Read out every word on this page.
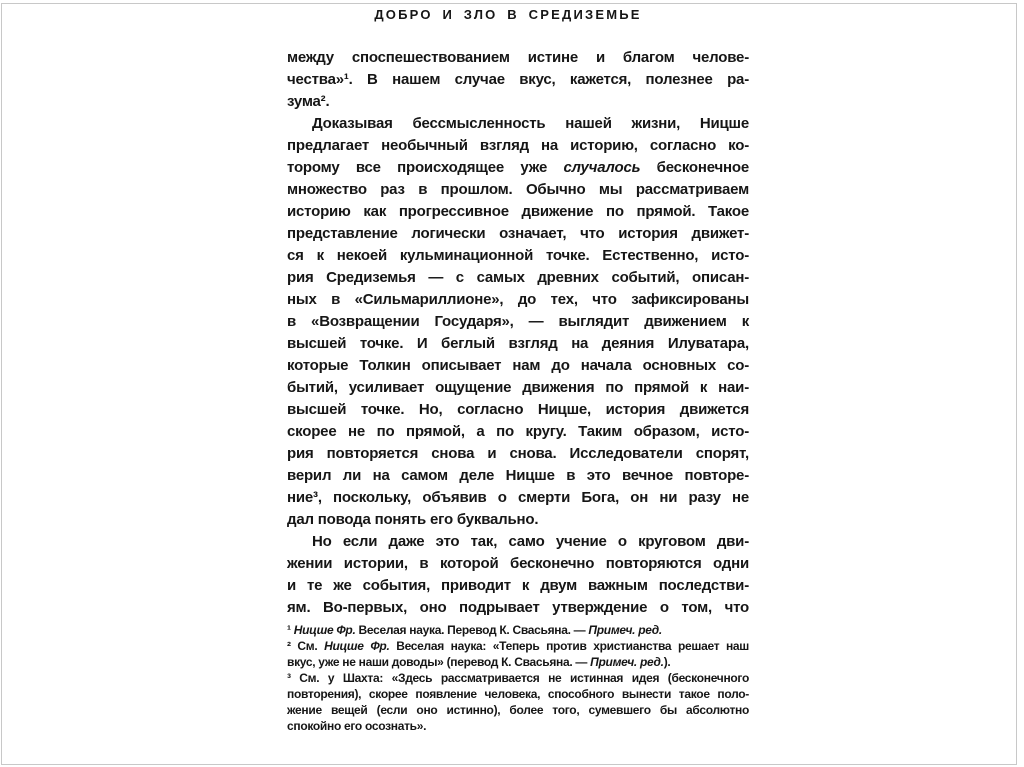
ДОБРО И ЗЛО В СРЕДИЗЕМЬЕ
между споспешествованием истине и благом челове-
чества»¹. В нашем случае вкус, кажется, полезнее ра-
зума².
Доказывая бессмысленность нашей жизни, Ницше
предлагает необычный взгляд на историю, согласно ко-
торому все происходящее уже случалось бесконечное
множество раз в прошлом. Обычно мы рассматриваем
историю как прогрессивное движение по прямой. Такое
представление логически означает, что история движет-
ся к некоей кульминационной точке. Естественно, исто-
рия Средиземья — с самых древних событий, описан-
ных в «Сильмариллионе», до тех, что зафиксированы
в «Возвращении Государя», — выглядит движением к
высшей точке. И беглый взгляд на деяния Илуватара,
которые Толкин описывает нам до начала основных со-
бытий, усиливает ощущение движения по прямой к наи-
высшей точке. Но, согласно Ницше, история движется
скорее не по прямой, а по кругу. Таким образом, исто-
рия повторяется снова и снова. Исследователи спорят,
верил ли на самом деле Ницше в это вечное повторе-
ние³, поскольку, объявив о смерти Бога, он ни разу не
дал повода понять его буквально.
Но если даже это так, само учение о круговом дви-
жении истории, в которой бесконечно повторяются одни
и те же события, приводит к двум важным последстви-
ям. Во-первых, оно подрывает утверждение о том, что
¹ Ницше Фр. Веселая наука. Перевод К. Свасьяна. — Примеч. ред.
² См. Ницше Фр. Веселая наука: «Теперь против христианства решает наш
вкус, уже не наши доводы» (перевод К. Свасьяна. — Примеч. ред.).
³ См. у Шахта: «Здесь рассматривается не истинная идея (бесконечного
повторения), скорее появление человека, способного вынести такое поло-
жение вещей (если оно истинно), более того, сумевшего бы абсолютно
спокойно его осознать».
